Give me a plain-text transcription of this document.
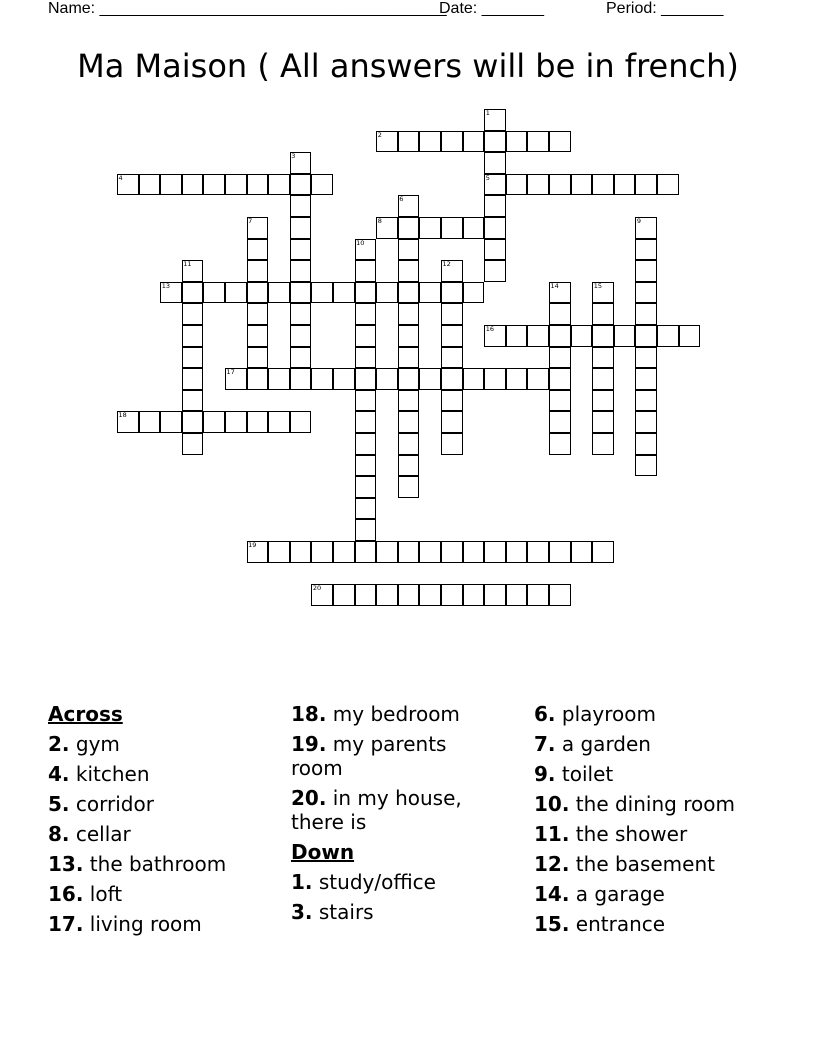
Name: _______________________________________
Date: _______	Period: _______
Ma Maison ( All answers will be in french)
2
4	5
8
13
16
17
18
19
20
1
3
6
7	9
10
11	12
14	15
Across
2. gym
4. kitchen
5. corridor
8. cellar
13. the bathroom
16. loft
17. living room
18. my bedroom
19. my parents room
20. in my house, there is
Down
1. study/office
3. stairs
6. playroom
7. a garden
9. toilet
10. the dining room
11. the shower
12. the basement
14. a garage
15. entrance
